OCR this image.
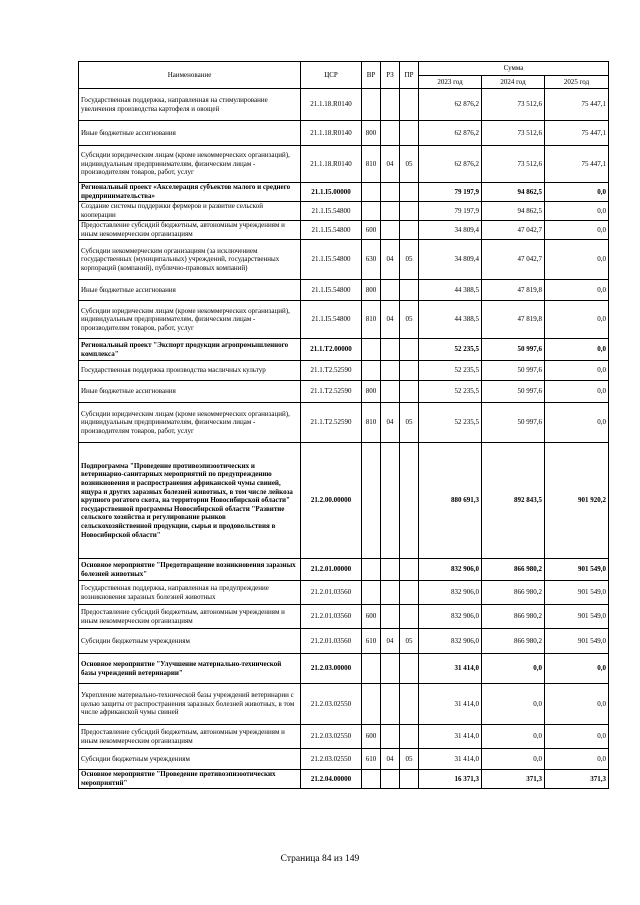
Наименование	ЦСР	ВР	РЗ	ПР	Сумма		
					2023 год	2024 год	2025 год
Государственная поддержка, направленная на стимулирование увеличения производства картофеля и овощей	21.1.18.R0140				62 876,2	73 512,6	75 447,1
Иные бюджетные ассигнования	21.1.18.R0140	800			62 876,2	73 512,6	75 447,1
Субсидии юридическим лицам (кроме некоммерческих организаций), индивидуальным предпринимателям, физическим лицам - производителям товаров, работ, услуг	21.1.18.R0140	810	04	05	62 876,2	73 512,6	75 447,1
Региональный проект «Акселерация субъектов малого и среднего предпринимательства»	21.1.I5.00000				79 197,9	94 862,5	0,0
Создание системы поддержки фермеров и развитие сельской кооперации	21.1.I5.54800				79 197,9	94 862,5	0,0
Предоставление субсидий бюджетным, автономным учреждениям и иным некоммерческим организациям	21.1.I5.54800	600			34 809,4	47 042,7	0,0
Субсидии некоммерческим организациям (за исключением государственных (муниципальных) учреждений, государственных корпораций (компаний), публично-правовых компаний)	21.1.I5.54800	630	04	05	34 809,4	47 042,7	0,0
Иные бюджетные ассигнования	21.1.I5.54800	800			44 388,5	47 819,8	0,0
Субсидии юридическим лицам (кроме некоммерческих организаций), индивидуальным предпринимателям, физическим лицам - производителям товаров, работ, услуг	21.1.I5.54800	810	04	05	44 388,5	47 819,8	0,0
Региональный проект "Экспорт продукции агропромышленного комплекса"	21.1.T2.00000				52 235,5	50 997,6	0,0
Государственная поддержка производства масличных культур	21.1.T2.52590				52 235,5	50 997,6	0,0
Иные бюджетные ассигнования	21.1.T2.52590	800			52 235,5	50 997,6	0,0
Субсидии юридическим лицам (кроме некоммерческих организаций), индивидуальным предпринимателям, физическим лицам - производителям товаров, работ, услуг	21.1.T2.52590	810	04	05	52 235,5	50 997,6	0,0
Подпрограмма "Проведение противоэпизоотических и ветеринарно-санитарных мероприятий по предупреждению возникновения и распространения африканской чумы свиней, ящура и других заразных болезней животных, в том числе лейкоза крупного рогатого скота, на территории Новосибирской области" государственной программы Новосибирской области "Развитие сельского хозяйства и регулирование рынков сельскохозяйственной продукции, сырья и продовольствия в Новосибирской области"	21.2.00.00000				880 691,3	892 843,5	901 920,2
Основное мероприятие "Предотвращение возникновения заразных болезней животных"	21.2.01.00000				832 906,0	866 980,2	901 549,0
Государственная поддержка, направленная на предупреждение возникновения заразных болезней животных	21.2.01.03560				832 906,0	866 980,2	901 549,0
Предоставление субсидий бюджетным, автономным учреждениям и иным некоммерческим организациям	21.2.01.03560	600			832 906,0	866 980,2	901 549,0
Субсидии бюджетным учреждениям	21.2.01.03560	610	04	05	832 906,0	866 980,2	901 549,0
Основное мероприятие "Улучшение материально-технической базы учреждений ветеринарии"	21.2.03.00000				31 414,0	0,0	0,0
Укрепление материально-технической базы учреждений ветеринарии с целью защиты от распространения заразных болезней животных, в том числе африканской чумы свиней	21.2.03.02550				31 414,0	0,0	0,0
Предоставление субсидий бюджетным, автономным учреждениям и иным некоммерческим организациям	21.2.03.02550	600			31 414,0	0,0	0,0
Субсидии бюджетным учреждениям	21.2.03.02550	610	04	05	31 414,0	0,0	0,0
Основное мероприятие "Проведение противоэпизоотических мероприятий"	21.2.04.00000				16 371,3	371,3	371,3
Страница 84 из 149
